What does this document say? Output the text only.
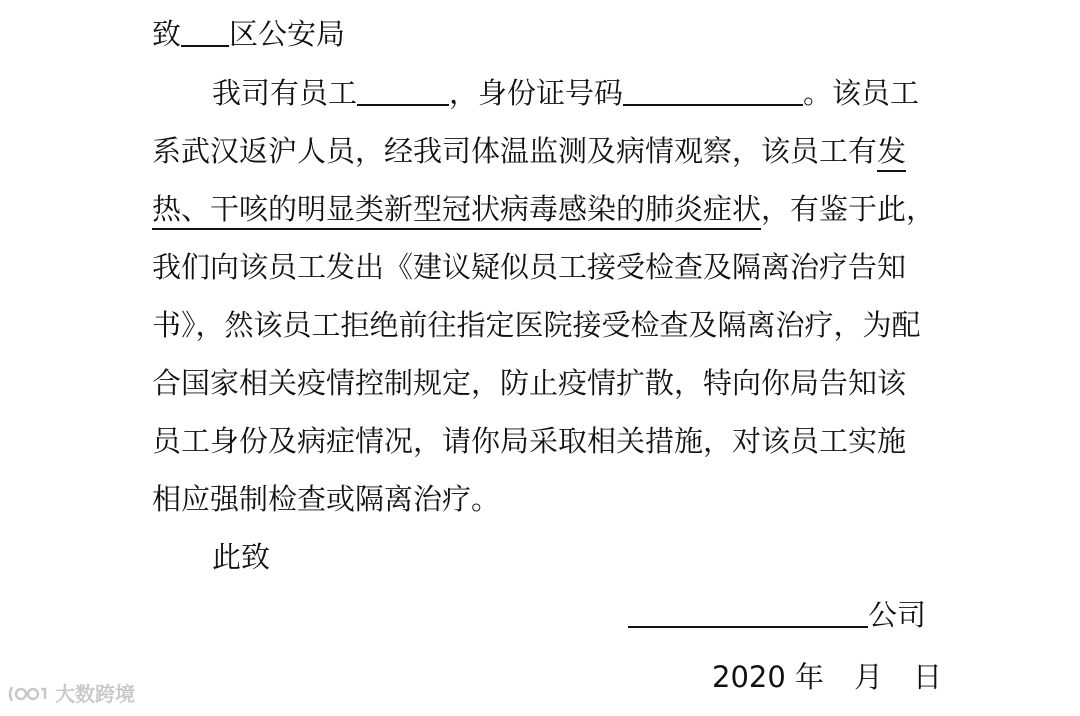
致 区公安局
我司有员工	，身份证号码	。该员工
系武汉返沪人员，经我司体温监测及病情观察，该员工有发
热、干咳的明显类新型冠状病毒感染的肺炎症状，有鉴于此，
我们向该员工发出《建议疑似员工接受检查及隔离治疗告知
书》，然该员工拒绝前往指定医院接受检查及隔离治疗，为配
合国家相关疫情控制规定，防止疫情扩散，特向你局告知该
员工身份及病症情况，请你局采取相关措施，对该员工实施
相应强制检查或隔离治疗。
此致
公司
2020 年 月 日
大数跨境
